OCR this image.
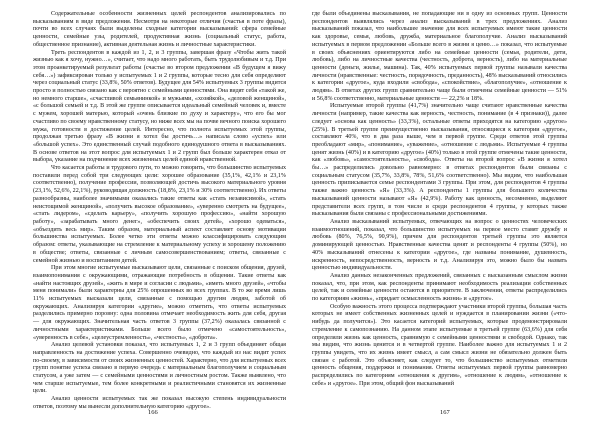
Содержательные особенности жизненных целей респондентов анализировались по высказываниям в виде предложения. Несмотря на некоторые отличия (счастья в поте фразы), почти во всех случаях были выделены сходные категории высказываний: сфера семейные ценности, семейные узы, родителей, продуктивная жизнь (социальный статус, работа, общественное признание), активная деятельная жизнь и личностные характеристики.

Треть респондентов в каждой из 1, 2, и 3 группы, завершая фразу «Чтобы жить такой жизнью как я хочу, нужно…», считает, что надо много работать, быть трудолюбивым и т.д. При этом проанкетируемый результат работы (счастье во втором предложении «В будущем я вижу себя…») зафиксирован только у испытуемых 1 и 2 группы, которые тесно для себя определяют через социальный статус (33,8%, 50% ответов). Будущее для 54% испытуемых 3 группы видится просто и полностью связано как с вероятно с семейными ценностями. Она видят себя «такой же, но немного старше», «счастливой семьянинкой» и мужьями, «хозяйкой», «деловой женщиной», «с большой семьей и т.д. В этой же группе описывается идеальный семейный человек и, вместе с мужем, хорошей матерью, который «очень близкие по духу и характеру», что его бы мог счастливо по своему нравственному статусу, но ниже всех мы на почве вечного поиска хорошего мужа, готовности в достижение целей. Интересно, что полнота испытуемых этой группы, продолжая третью фразу «В жизни я хотел бы достичь…» написала слово «успех» или «большой успех». Это единственный случай подобного единодушного ответа в высказываниях. В основе ответов на этот вопрос для испытуемых 1 и 2 групп был больше характерен отказ от выбора, указание на подчинение всех жизненных целей единой нравственной.

Что касается работы и трудового пути, то можно говорить, что большинство испытуемых поставили перед собой три следующих цели: хорошее образование (35,1%, 42,1% и 23,1% соответственно), получение профессии, позволяющей достичь высокого материального уровня (23,1%, 52,6%, 22,1%), руководящая должность (18,8%, 23,1% и 30% соответственно). Их ответы разнообразны, наиболее значимыми оказались такие ответы как «стать независимой», «стать неистощимой женщиной», «получить высокое образование», «уверенно смотреть на будущее», «стать лидером», «сделать карьеру», «получить хорошую профессию», «найти хорошую работу», «зарабатывать много денег», «обеспечить своих детей», «хорошо одеваться», «объездить весь мир». Таким образом, материальный аспект составляет основу мотивации большинства испытуемых. Более четко эти ответы можно классифицировать следующим образом: ответы, указывающие на стремление к материальному успеху и хорошему положению в обществе; ответы, связанные с личным самосовершенствованием; ответы, связанные с семейной жизнью и воспитанием детей.

При этом многие испытуемые высказывают цели, связанные с поиском общения, друзей, взаимопонимания с окружающими, отражающие потребность в общении. Такие ответы как «найти настоящих друзей», «жить в мире и согласии с людьми», «иметь много друзей», «чтобы меня понимали» были характерны для 25% опрошенных во всех группах. В то же время лишь 11% испытуемых высказали цели, связанные с помощью другим людям, заботой об окружающих. Анализируя категории «другие», можно отметить, что ответы испытуемых разделились примерно поровну: одна половина отмечает необходимость жить для себя, другая — для окружающих. Значительная часть ответов 3 группы (37,2%) оказалась связанной с личностными характеристиками. Больше всего было отмечено «самостоятельность», «уверенность в себе», «целеустремленность», «честность», «доброта».

Анализ целевой установки показал, что испытуемых 1, 2 и 3 групп объединяет общая направленность на достижение успеха. Совершенно очевидно, что каждый из нас видит успех по-своему, в зависимости от своих жизненных ценностей. Характерно, что для испытуемых всех групп понятие успеха связано в первую очередь с материальным благополучием и социальным статусом, а уже затем — с семейными ценностями и личностным ростом. Также выявлено, что чем старше испытуемые, тем более конкретными и реалистичными становятся их жизненные цели.

Анализ ценности испытуемых так же показал высокую степень индивидуальности ответов, поэтому мы вынесли дополнительную категорию «другое».

166

где были объединены высказывания, не попадающие ни в одну из основных групп. Ценности респондентов выявлялись через анализ высказываний в трех предложениях. Анализ высказываний показал, что наибольшее значение для всех испытуемых имеют такие ценности как здоровье, семья, любовь, дружба, материальное благополучие. Анализ высказываний испытуемых в первом предложении «Больше всего в жизни я ценю…» показал, что испытуемые в своих объяснениях ориентируются либо на семейные ценности (семья, родители, дети, любовь), либо на личностные качества (честность, доброта, верность), либо на материальные ценности (деньги, жилье, машина). Так, 40% испытуемых первой группы называли качества личности (нравственные: честность, порядочность, преданность), 48% высказываний относились к категории «другое», куда входили «свобода», «спокойствие», «благополучие», «отношение к людям». В ответах других групп сравнительно чаще были отмечены семейные ценности — 51% и 56,8% соответственно, материальные ценности — 22,2% и 18%.

Испытуемые второй группы (41,7%) значительно чаще считают нравственные качества личности (например, такие качества как верность, честность, понимание (в 4 признаки)), далее следует «основа как ценность» (33,3%), остальные ответы приходятся на категорию «другое» (25%). В третьей группе преимущественно высказывания, относящиеся к категории «другое», составляют 40%, что в два раза выше, чем в первой группе. Среди ответов этой группы преобладают «мир», «понимание», «уважение», «отношение с людьми». Испытуемые 4 группы ценят жизнь (40%) и в категорию «другое» (40%) только в этой группе отмечены такие ценности, как «любовь», «самостоятельность», «свобода». Ответы на второй вопрос «В жизни я хотел бы…» распределились довольно равномерно: в ответах респондентов были связаны с социальным статусом (35,7%, 33,8%, 78%, 51,6% соответственно). Мы видим, что наибольшая ценность приписывается семье респондентами 3 группы. При этом, для респондентов 4 группы также важно ценность «Я» (33,3%). А респонденты 1 группы для большего количества высказываний ценности называют «Я» (42,9%). Работу как ценность, несомненно, выделяют представители всех групп, в том числе и среди респондентов 4 группы, у которых также высказывания были связаны с профессиональными достижениями.

Анализ высказываний испытуемых, отвечающих на вопрос о ценностях человеческих взаимоотношений, показал, что большинство испытуемых на первое место ставят дружбу и любовь (80%, 76,5%, 90,9%), причем для респондентов третьей группы это является доминирующей ценностью. Нравственные качества ценят и респонденты 4 группы (50%), но 40% высказываний отнесены к категории «другое», где названы понимание, душевность, искренность, непосредственность, верность и т.д. Анализируя это, можно было бы назвать ценностью индивидуальности.

Анализ данных незаконченных предложений, связанных с высказанным смыслом жизни показал, что, при этом, как респонденты принимают необходимость реализации собственных целей, так и семейные ценности остаются в приоритете. В заключении, ответы распределились по категориям «жизнь», «придает осмысленность жизни» и «другое».

Особую важность этого процесса подтверждают участники второй группы, большая часть которых не имеет собственных жизненных целей и нуждается в планировании жизни («что-нибудь да получится»). Это касается категорий испытуемых, которые продемонстрировали стремление к самопознанию. На данном этапе испытуемые в третьей группе (63,6%) для себя определяли жизнь как ценность, сравнимую с семейными ценностями и свободой. Однако, так мы видим, что жизнь ценится и в четвертой группе. Наиболее важно для испытуемых 1 и 2 группы увидеть, что их жизнь имеет смысл, а сам смысл жизни не обязательно должен быть связан с работой. Это объясняет, как следует то, что большинство испытуемых отметили ценность общения, поддержки и понимания. Ответы испытуемых первой группы равномерно распределились по категориям «отношения к другим», «отношение к людям», «отношение к себе» и «другое». При этом, общий фон высказываний

167
